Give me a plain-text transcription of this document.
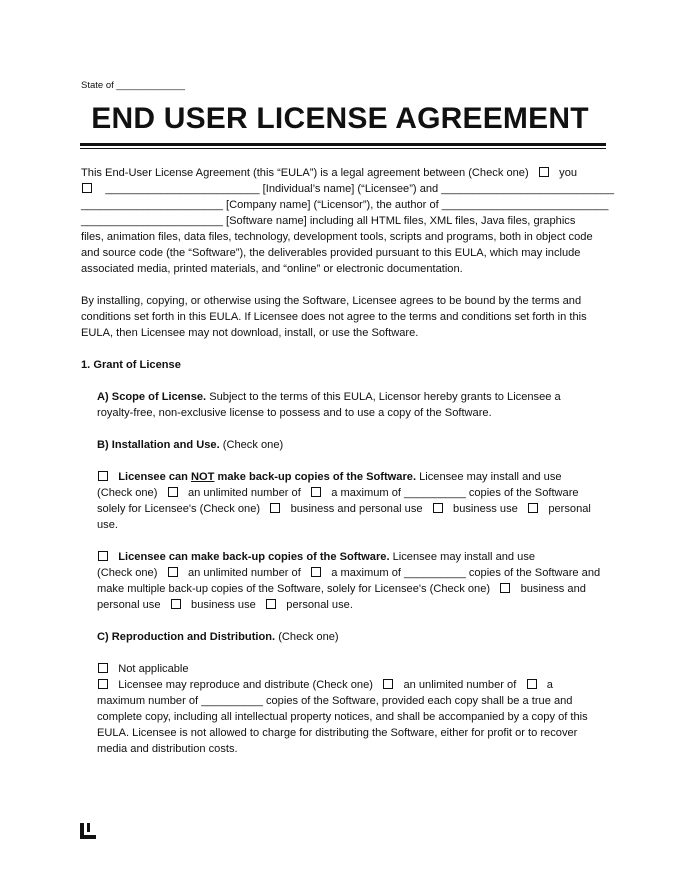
State of _____________
END USER LICENSE AGREEMENT
This End-User License Agreement (this “EULA”) is a legal agreement between (Check one)	you
_________________________ [Individual’s name] (“Licensee”) and ____________________________
_______________________ [Company name] (“Licensor”), the author of ___________________________
_______________________ [Software name] including all HTML files, XML files, Java files, graphics
files, animation files, data files, technology, development tools, scripts and programs, both in object code
and source code (the “Software”), the deliverables provided pursuant to this EULA, which may include
associated media, printed materials, and “online” or electronic documentation.
By installing, copying, or otherwise using the Software, Licensee agrees to be bound by the terms and
conditions set forth in this EULA. If Licensee does not agree to the terms and conditions set forth in this
EULA, then Licensee may not download, install, or use the Software.
1. Grant of License
A) Scope of License. Subject to the terms of this EULA, Licensor hereby grants to Licensee a
royalty-free, non-exclusive license to possess and to use a copy of the Software.
B) Installation and Use. (Check one)
Licensee can NOT make back-up copies of the Software. Licensee may install and use
(Check one)	an unlimited number of	a maximum of __________ copies of the Software
solely for Licensee's (Check one)	business and personal use	business use	personal
use.
Licensee can make back-up copies of the Software. Licensee may install and use
(Check one)	an unlimited number of	a maximum of __________ copies of the Software and
make multiple back-up copies of the Software, solely for Licensee's (Check one)	business and
personal use	business use	personal use.
C) Reproduction and Distribution. (Check one)
Not applicable
Licensee may reproduce and distribute (Check one)	an unlimited number of	a
maximum number of __________ copies of the Software, provided each copy shall be a true and
complete copy, including all intellectual property notices, and shall be accompanied by a copy of this
EULA. Licensee is not allowed to charge for distributing the Software, either for profit or to recover
media and distribution costs.
